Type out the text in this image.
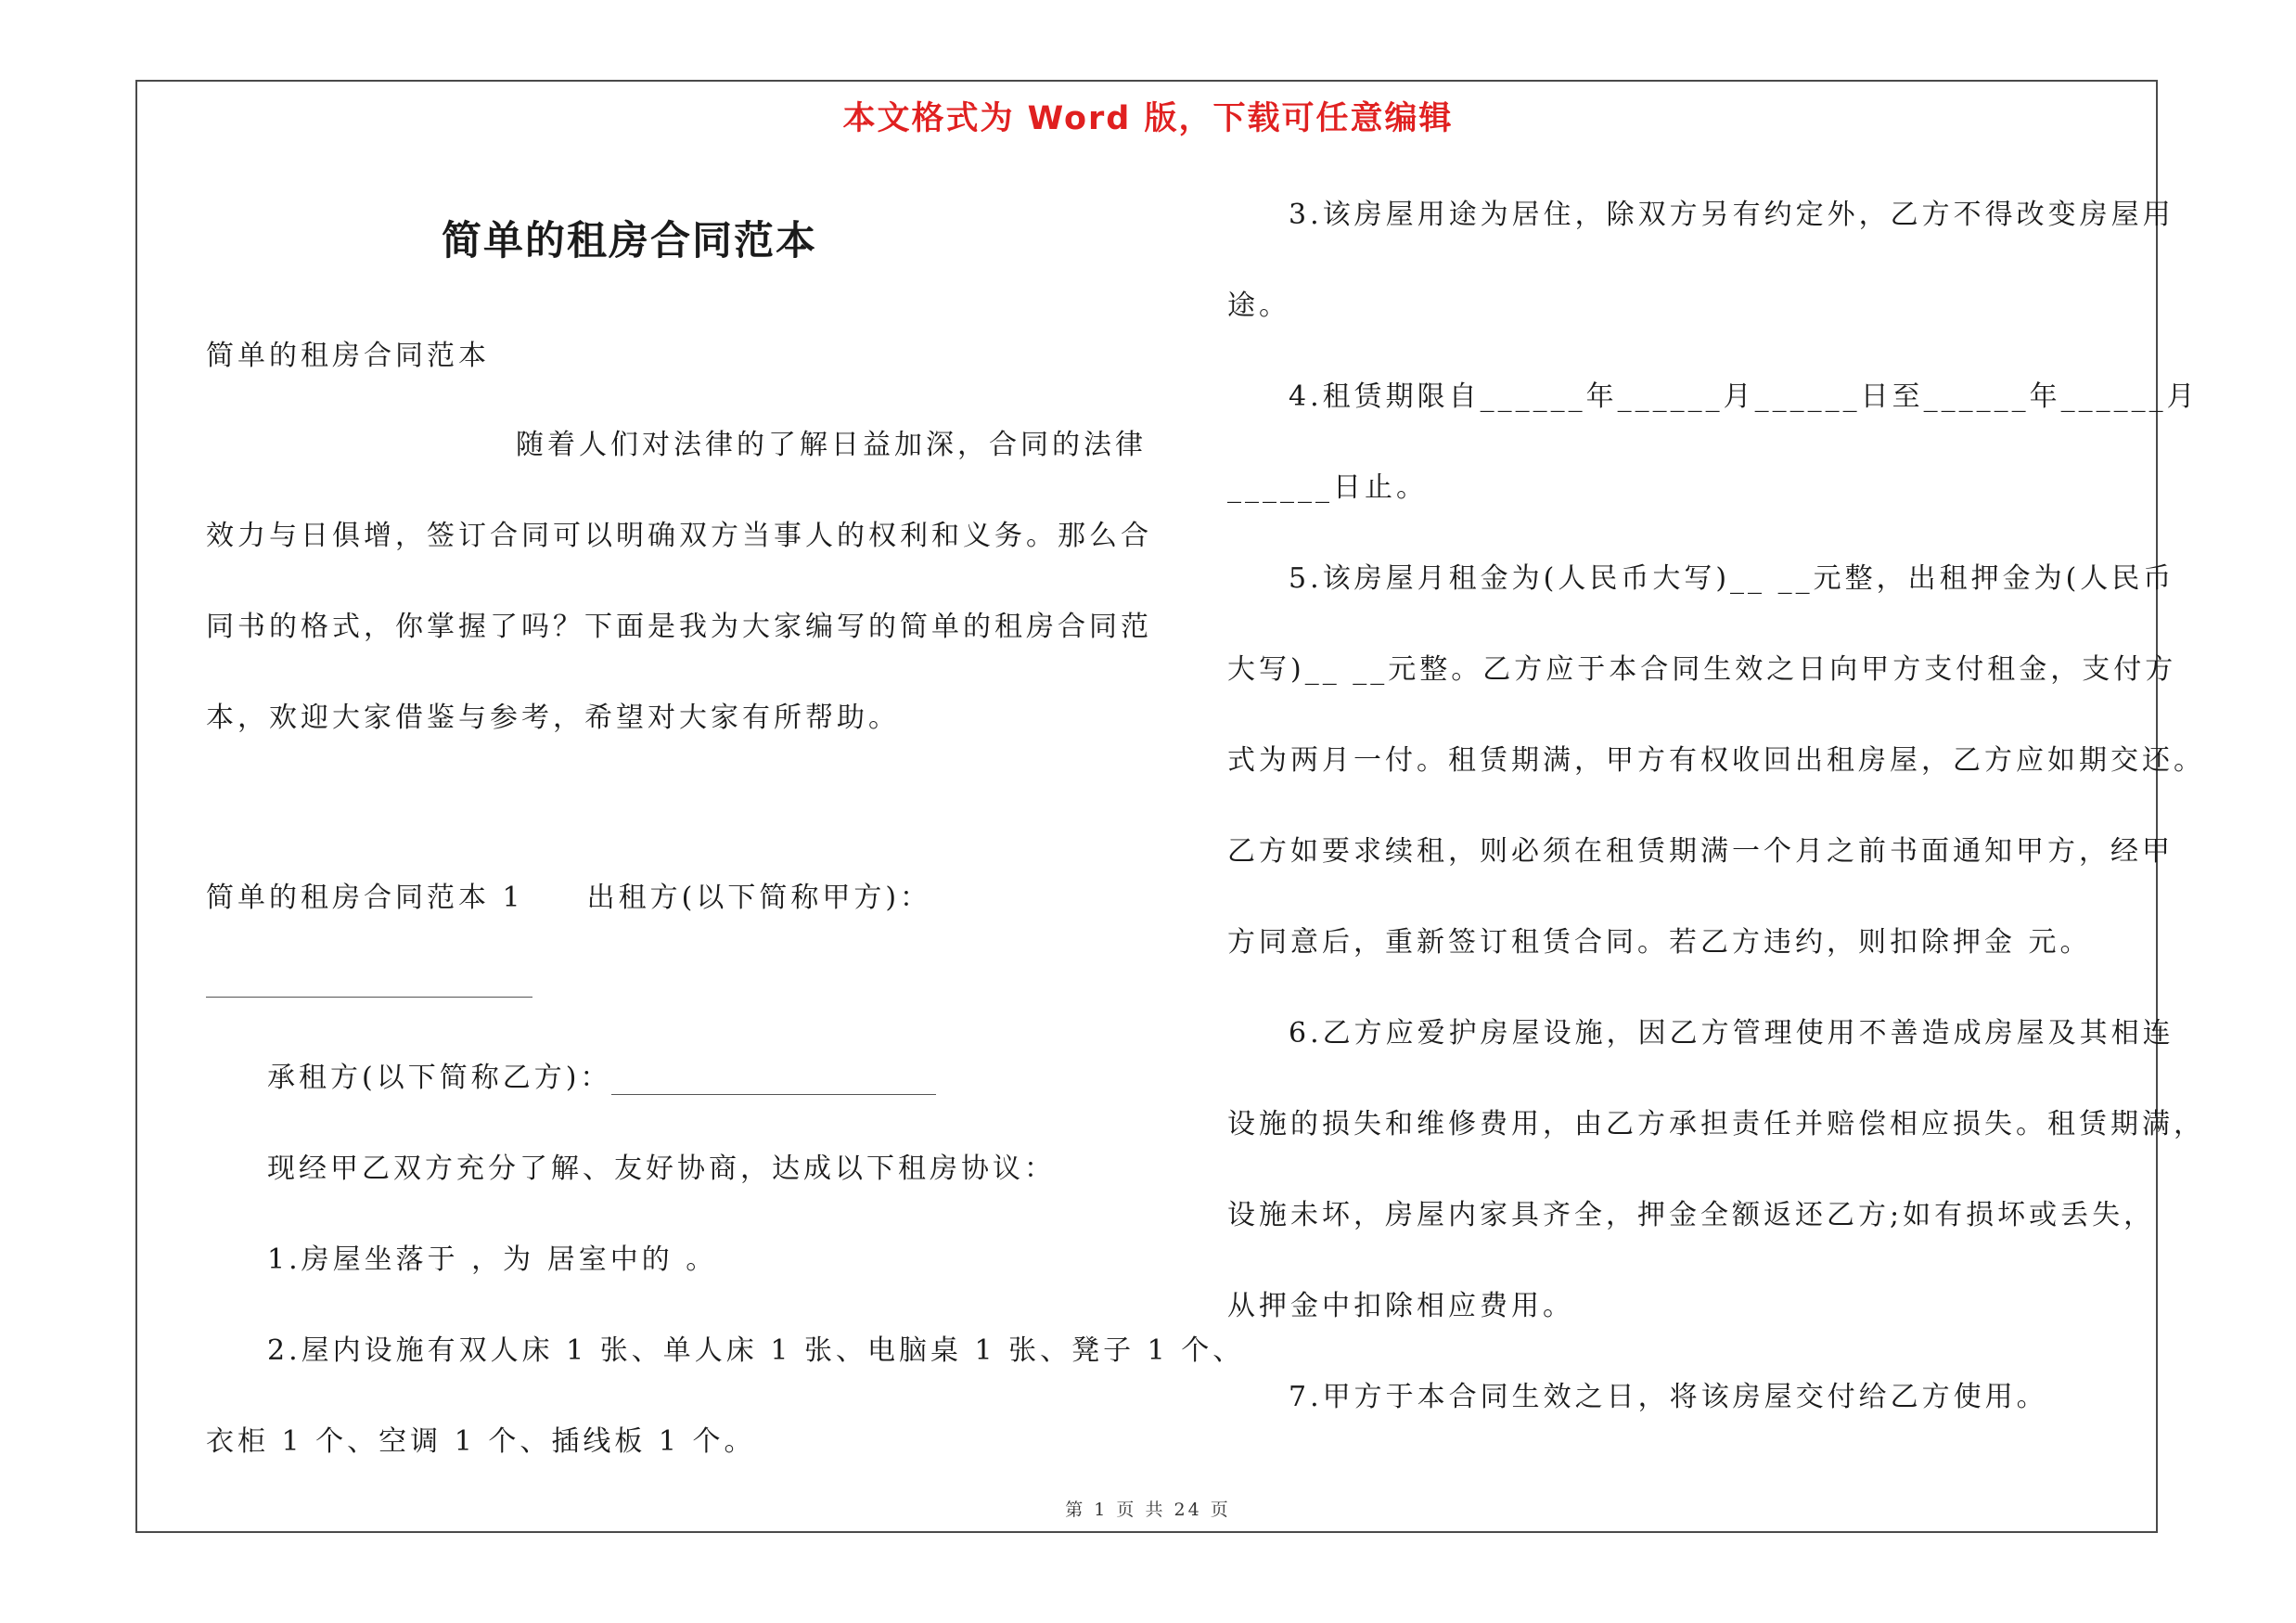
本文格式为 Word 版，下载可任意编辑
简单的租房合同范本
简单的租房合同范本
随着人们对法律的了解日益加深，合同的法律
效力与日俱增，签订合同可以明确双方当事人的权利和义务。那么合
同书的格式，你掌握了吗？下面是我为大家编写的简单的租房合同范
本，欢迎大家借鉴与参考，希望对大家有所帮助。
简单的租房合同范本 1　　出租方(以下简称甲方)：
承租方(以下简称乙方)：
现经甲乙双方充分了解、友好协商，达成以下租房协议：
1.房屋坐落于 ，为 居室中的 。
2.屋内设施有双人床 1 张、单人床 1 张、电脑桌 1 张、凳子 1 个、
衣柜 1 个、空调 1 个、插线板 1 个。
3.该房屋用途为居住，除双方另有约定外，乙方不得改变房屋用
途。
4.租赁期限自______年______月______日至______年______月
______日止。
5.该房屋月租金为(人民币大写)__ __元整，出租押金为(人民币
大写)__ __元整。乙方应于本合同生效之日向甲方支付租金，支付方
式为两月一付。租赁期满，甲方有权收回出租房屋，乙方应如期交还。
乙方如要求续租，则必须在租赁期满一个月之前书面通知甲方，经甲
方同意后，重新签订租赁合同。若乙方违约，则扣除押金 元。
6.乙方应爱护房屋设施，因乙方管理使用不善造成房屋及其相连
设施的损失和维修费用，由乙方承担责任并赔偿相应损失。租赁期满，
设施未坏，房屋内家具齐全，押金全额返还乙方;如有损坏或丢失，
从押金中扣除相应费用。
7.甲方于本合同生效之日，将该房屋交付给乙方使用。
第 1 页 共 24 页
